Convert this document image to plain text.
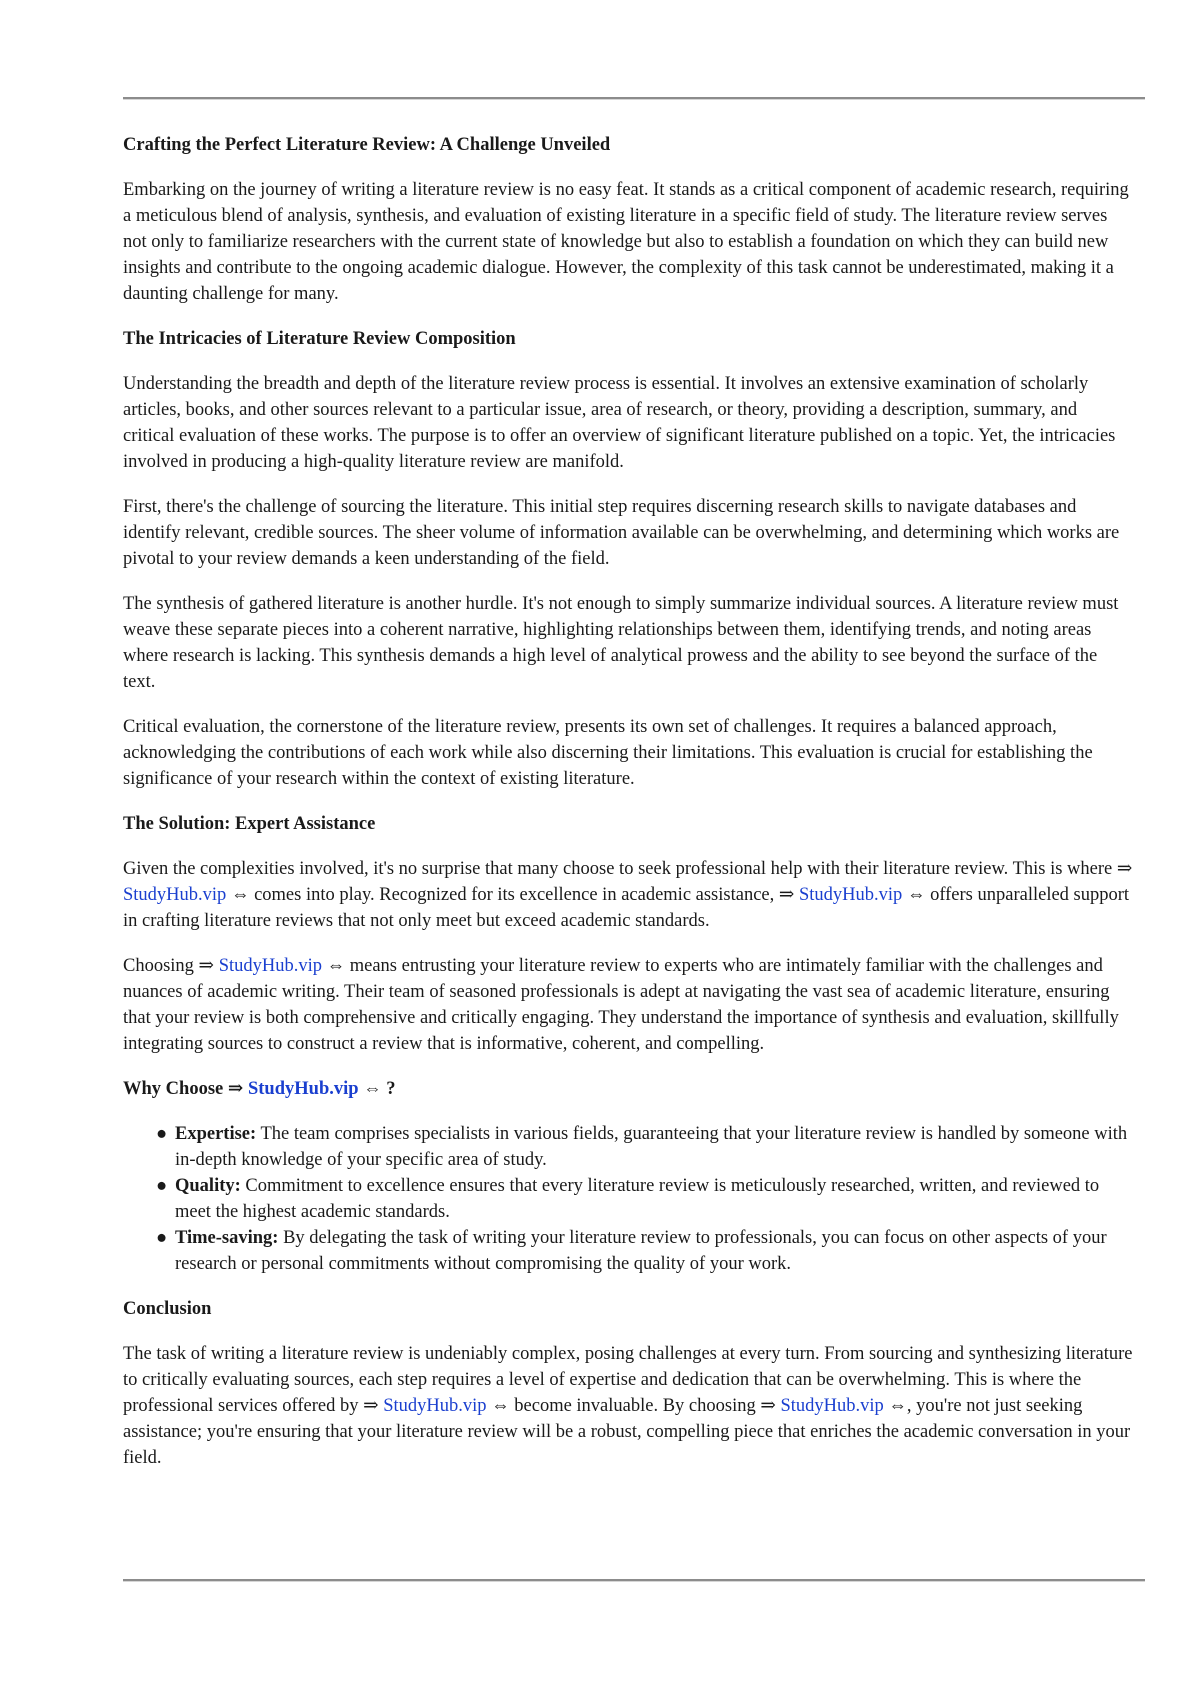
Crafting the Perfect Literature Review: A Challenge Unveiled

Embarking on the journey of writing a literature review is no easy feat. It stands as a critical component of academic research, requiring a meticulous blend of analysis, synthesis, and evaluation of existing literature in a specific field of study. The literature review serves not only to familiarize researchers with the current state of knowledge but also to establish a foundation on which they can build new insights and contribute to the ongoing academic dialogue. However, the complexity of this task cannot be underestimated, making it a daunting challenge for many.

The Intricacies of Literature Review Composition

Understanding the breadth and depth of the literature review process is essential. It involves an extensive examination of scholarly articles, books, and other sources relevant to a particular issue, area of research, or theory, providing a description, summary, and critical evaluation of these works. The purpose is to offer an overview of significant literature published on a topic. Yet, the intricacies involved in producing a high-quality literature review are manifold.

First, there's the challenge of sourcing the literature. This initial step requires discerning research skills to navigate databases and identify relevant, credible sources. The sheer volume of information available can be overwhelming, and determining which works are pivotal to your review demands a keen understanding of the field.

The synthesis of gathered literature is another hurdle. It's not enough to simply summarize individual sources. A literature review must weave these separate pieces into a coherent narrative, highlighting relationships between them, identifying trends, and noting areas where research is lacking. This synthesis demands a high level of analytical prowess and the ability to see beyond the surface of the text.

Critical evaluation, the cornerstone of the literature review, presents its own set of challenges. It requires a balanced approach, acknowledging the contributions of each work while also discerning their limitations. This evaluation is crucial for establishing the significance of your research within the context of existing literature.

The Solution: Expert Assistance

Given the complexities involved, it's no surprise that many choose to seek professional help with their literature review. This is where ⇒ StudyHub.vip ⇔ comes into play. Recognized for its excellence in academic assistance, ⇒ StudyHub.vip ⇔ offers unparalleled support in crafting literature reviews that not only meet but exceed academic standards.

Choosing ⇒ StudyHub.vip ⇔ means entrusting your literature review to experts who are intimately familiar with the challenges and nuances of academic writing. Their team of seasoned professionals is adept at navigating the vast sea of academic literature, ensuring that your review is both comprehensive and critically engaging. They understand the importance of synthesis and evaluation, skillfully integrating sources to construct a review that is informative, coherent, and compelling.

Why Choose ⇒ StudyHub.vip ⇔ ?
● Expertise: The team comprises specialists in various fields, guaranteeing that your literature review is handled by someone with in-depth knowledge of your specific area of study.
● Quality: Commitment to excellence ensures that every literature review is meticulously researched, written, and reviewed to meet the highest academic standards.
● Time-saving: By delegating the task of writing your literature review to professionals, you can focus on other aspects of your research or personal commitments without compromising the quality of your work.
Conclusion

The task of writing a literature review is undeniably complex, posing challenges at every turn. From sourcing and synthesizing literature to critically evaluating sources, each step requires a level of expertise and dedication that can be overwhelming. This is where the professional services offered by ⇒ StudyHub.vip ⇔ become invaluable. By choosing ⇒ StudyHub.vip ⇔, you're not just seeking assistance; you're ensuring that your literature review will be a robust, compelling piece that enriches the academic conversation in your field.
